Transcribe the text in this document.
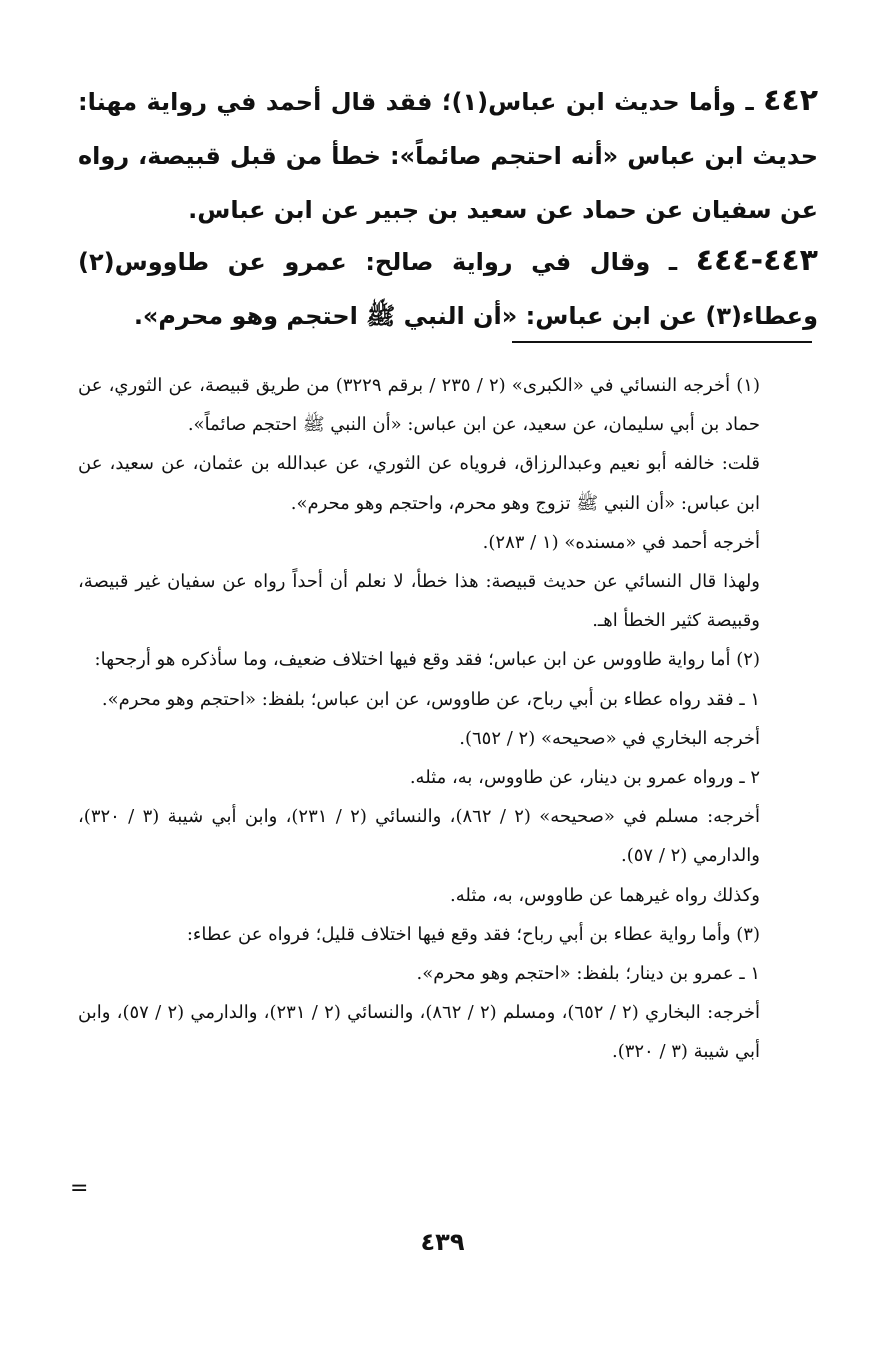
٤٤٢ ـ وأما حديث ابن عباس(١)؛ فقد قال أحمد في رواية مهنا: حديث ابن عباس «أنه احتجم صائماً»: خطأ من قبل قبيصة، رواه عن سفيان عن حماد عن سعيد بن جبير عن ابن عباس.

٤٤٣-٤٤٤ ـ وقال في رواية صالح: عمرو عن طاووس(٢) وعطاء(٣) عن ابن عباس: «أن النبي ﷺ احتجم وهو محرم».

(١) أخرجه النسائي في «الكبرى» (٢ / ٢٣٥ / برقم ٣٢٢٩) من طريق قبيصة، عن الثوري، عن حماد بن أبي سليمان، عن سعيد، عن ابن عباس: «أن النبي ﷺ احتجم صائماً».

قلت: خالفه أبو نعيم وعبدالرزاق، فروياه عن الثوري، عن عبدالله بن عثمان، عن سعيد، عن ابن عباس: «أن النبي ﷺ تزوج وهو محرم، واحتجم وهو محرم».

أخرجه أحمد في «مسنده» (١ / ٢٨٣).

ولهذا قال النسائي عن حديث قبيصة: هذا خطأ، لا نعلم أن أحداً رواه عن سفيان غير قبيصة، وقبيصة كثير الخطأ اهـ.

(٢) أما رواية طاووس عن ابن عباس؛ فقد وقع فيها اختلاف ضعيف، وما سأذكره هو أرجحها:

١ ـ فقد رواه عطاء بن أبي رباح، عن طاووس، عن ابن عباس؛ بلفظ: «احتجم وهو محرم».

أخرجه البخاري في «صحيحه» (٢ / ٦٥٢).

٢ ـ ورواه عمرو بن دينار، عن طاووس، به، مثله.

أخرجه: مسلم في «صحيحه» (٢ / ٨٦٢)، والنسائي (٢ / ٢٣١)، وابن أبي شيبة (٣ / ٣٢٠)، والدارمي (٢ / ٥٧).

وكذلك رواه غيرهما عن طاووس، به، مثله.

(٣) وأما رواية عطاء بن أبي رباح؛ فقد وقع فيها اختلاف قليل؛ فرواه عن عطاء:

١ ـ عمرو بن دينار؛ بلفظ: «احتجم وهو محرم».

أخرجه: البخاري (٢ / ٦٥٢)، ومسلم (٢ / ٨٦٢)، والنسائي (٢ / ٢٣١)، والدارمي (٢ / ٥٧)، وابن أبي شيبة (٣ / ٣٢٠).

=
٤٣٩
